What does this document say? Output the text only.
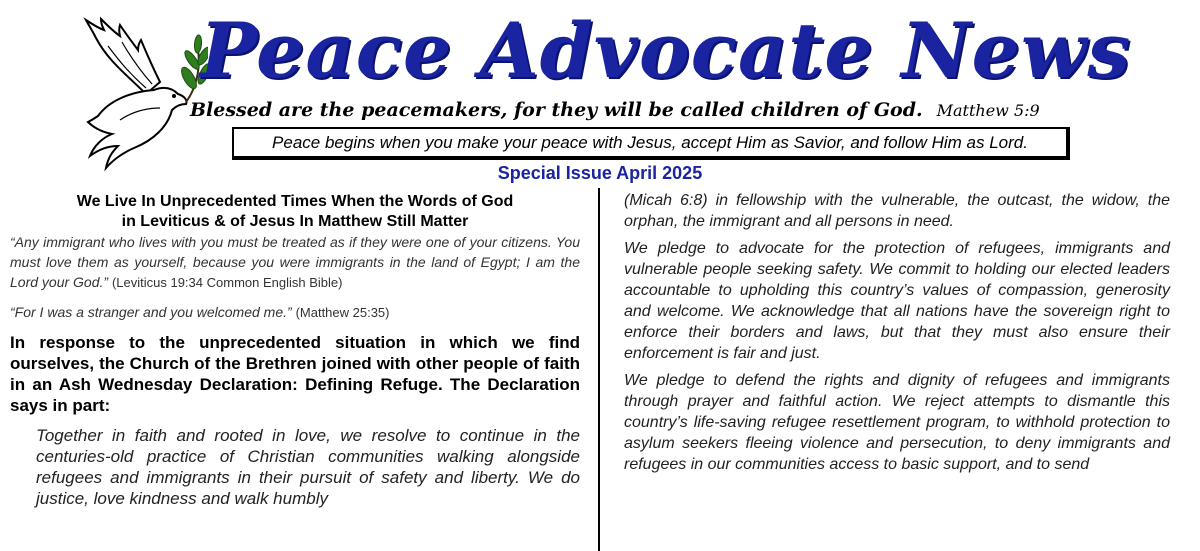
Peace Advocate News
Blessed are the peacemakers, for they will be called children of God. Matthew 5:9
Peace begins when you make your peace with Jesus, accept Him as Savior, and follow Him as Lord.
Special Issue April 2025
We Live In Unprecedented Times When the Words of God
in Leviticus & of Jesus In Matthew Still Matter

“Any immigrant who lives with you must be treated as if they were one of your citizens. You must love them as yourself, because you were immigrants in the land of Egypt; I am the Lord your God.” (Leviticus 19:34 Common English Bible)

“For I was a stranger and you welcomed me.” (Matthew 25:35)

In response to the unprecedented situation in which we find ourselves, the Church of the Brethren joined with other people of faith in an Ash Wednesday Declaration: Defining Refuge. The Declaration says in part:

Together in faith and rooted in love, we resolve to continue in the centuries-old practice of Christian communities walking alongside refugees and immigrants in their pursuit of safety and liberty. We do justice, love kindness and walk humbly

(Micah 6:8) in fellowship with the vulnerable, the outcast, the widow, the orphan, the immigrant and all persons in need.

We pledge to advocate for the protection of refugees, immigrants and vulnerable people seeking safety. We commit to holding our elected leaders accountable to upholding this country’s values of compassion, generosity and welcome. We acknowledge that all nations have the sovereign right to enforce their borders and laws, but that they must also ensure their enforcement is fair and just.

We pledge to defend the rights and dignity of refugees and immigrants through prayer and faithful action. We reject attempts to dismantle this country’s life-saving refugee resettlement program, to withhold protection to asylum seekers fleeing violence and persecution, to deny immigrants and refugees in our communities access to basic support, and to send
